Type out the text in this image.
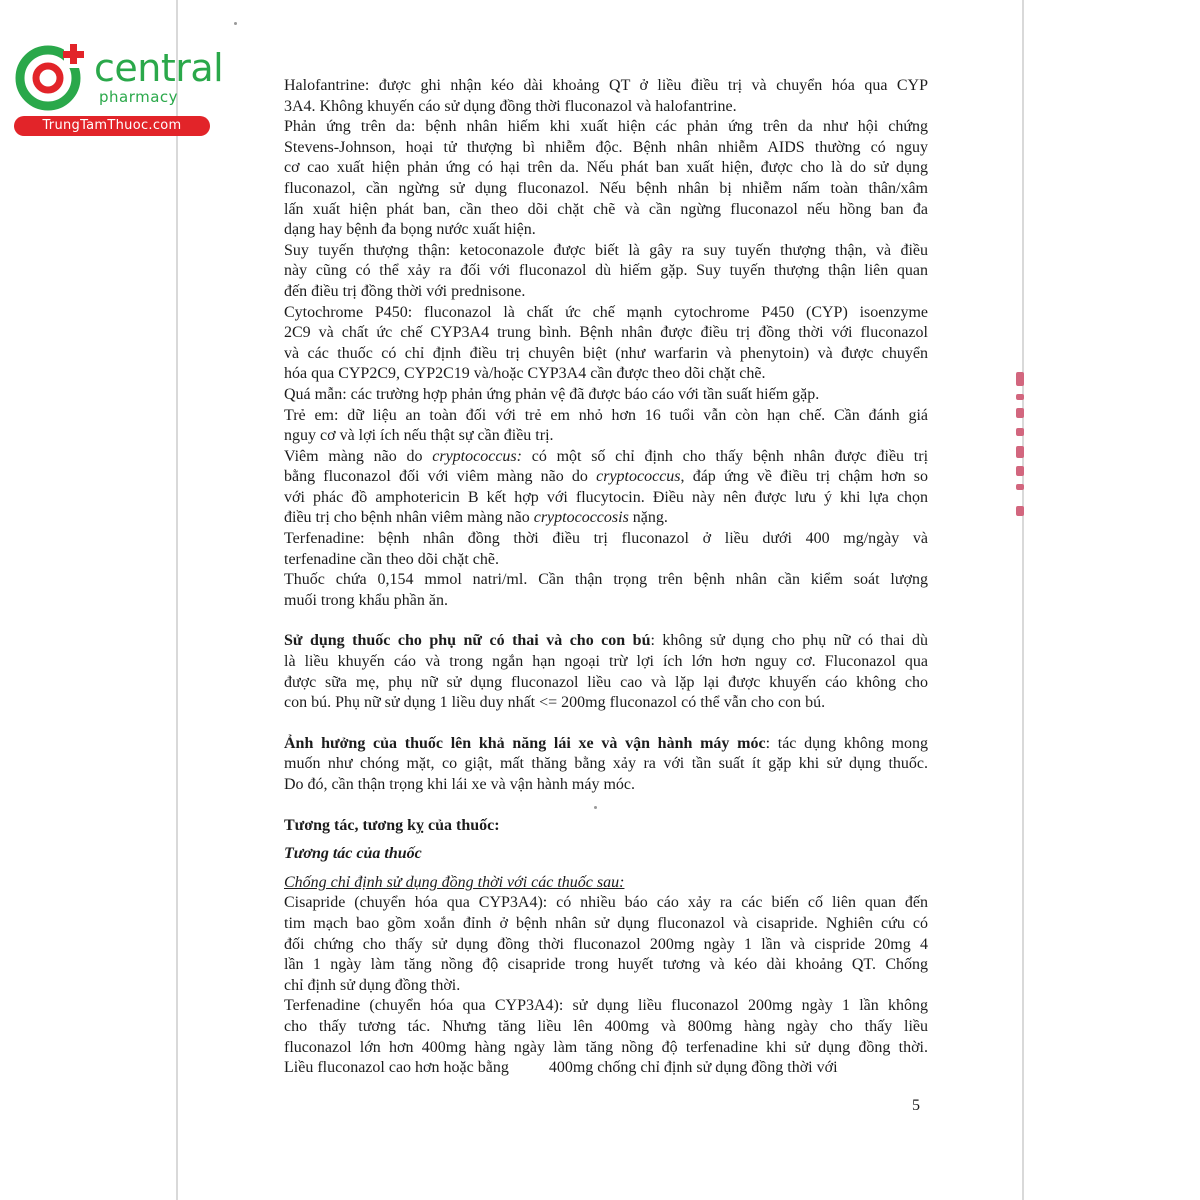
central
pharmacy
TrungTamThuoc.com
Halofantrine: được ghi nhận kéo dài khoảng QT ở liều điều trị và chuyển hóa qua CYP
3A4. Không khuyến cáo sử dụng đồng thời fluconazol và halofantrine.
Phản ứng trên da: bệnh nhân hiếm khi xuất hiện các phản ứng trên da như hội chứng
Stevens-Johnson, hoại tử thượng bì nhiễm độc. Bệnh nhân nhiễm AIDS thường có nguy
cơ cao xuất hiện phản ứng có hại trên da. Nếu phát ban xuất hiện, được cho là do sử dụng
fluconazol, cần ngừng sử dụng fluconazol. Nếu bệnh nhân bị nhiễm nấm toàn thân/xâm
lấn xuất hiện phát ban, cần theo dõi chặt chẽ và cần ngừng fluconazol nếu hồng ban đa
dạng hay bệnh đa bọng nước xuất hiện.
Suy tuyến thượng thận: ketoconazole được biết là gây ra suy tuyến thượng thận, và điều
này cũng có thể xảy ra đối với fluconazol dù hiếm gặp. Suy tuyến thượng thận liên quan
đến điều trị đồng thời với prednisone.
Cytochrome P450: fluconazol là chất ức chế mạnh cytochrome P450 (CYP) isoenzyme
2C9 và chất ức chế CYP3A4 trung bình. Bệnh nhân được điều trị đồng thời với fluconazol
và các thuốc có chỉ định điều trị chuyên biệt (như warfarin và phenytoin) và được chuyển
hóa qua CYP2C9, CYP2C19 và/hoặc CYP3A4 cần được theo dõi chặt chẽ.
Quá mẫn: các trường hợp phản ứng phản vệ đã được báo cáo với tần suất hiếm gặp.
Trẻ em: dữ liệu an toàn đối với trẻ em nhỏ hơn 16 tuổi vẫn còn hạn chế. Cần đánh giá
nguy cơ và lợi ích nếu thật sự cần điều trị.
Viêm màng não do cryptococcus: có một số chỉ định cho thấy bệnh nhân được điều trị
bằng fluconazol đối với viêm màng não do cryptococcus, đáp ứng về điều trị chậm hơn so
với phác đồ amphotericin B kết hợp với flucytocin. Điều này nên được lưu ý khi lựa chọn
điều trị cho bệnh nhân viêm màng não cryptococcosis nặng.
Terfenadine: bệnh nhân đồng thời điều trị fluconazol ở liều dưới 400 mg/ngày và
terfenadine cần theo dõi chặt chẽ.
Thuốc chứa 0,154 mmol natri/ml. Cần thận trọng trên bệnh nhân cần kiểm soát lượng
muối trong khẩu phần ăn.
Sử dụng thuốc cho phụ nữ có thai và cho con bú: không sử dụng cho phụ nữ có thai dù
là liều khuyến cáo và trong ngắn hạn ngoại trừ lợi ích lớn hơn nguy cơ. Fluconazol qua
được sữa mẹ, phụ nữ sử dụng fluconazol liều cao và lặp lại được khuyến cáo không cho
con bú. Phụ nữ sử dụng 1 liều duy nhất <= 200mg fluconazol có thể vẫn cho con bú.
Ảnh hưởng của thuốc lên khả năng lái xe và vận hành máy móc: tác dụng không mong
muốn như chóng mặt, co giật, mất thăng bằng xảy ra với tần suất ít gặp khi sử dụng thuốc.
Do đó, cần thận trọng khi lái xe và vận hành máy móc.
Tương tác, tương kỵ của thuốc:
Tương tác của thuốc
Chống chỉ định sử dụng đồng thời với các thuốc sau:
Cisapride (chuyển hóa qua CYP3A4): có nhiều báo cáo xảy ra các biến cố liên quan đến
tim mạch bao gồm xoắn đỉnh ở bệnh nhân sử dụng fluconazol và cisapride. Nghiên cứu có
đối chứng cho thấy sử dụng đồng thời fluconazol 200mg ngày 1 lần và cispride 20mg 4
lần 1 ngày làm tăng nồng độ cisapride trong huyết tương và kéo dài khoảng QT. Chống
chỉ định sử dụng đồng thời.
Terfenadine (chuyển hóa qua CYP3A4): sử dụng liều fluconazol 200mg ngày 1 lần không
cho thấy tương tác. Nhưng tăng liều lên 400mg và 800mg hàng ngày cho thấy liều
fluconazol lớn hơn 400mg hàng ngày làm tăng nồng độ terfenadine khi sử dụng đồng thời.
Liều fluconazol cao hơn hoặc bằng          400mg chống chỉ định sử dụng đồng thời với
5
